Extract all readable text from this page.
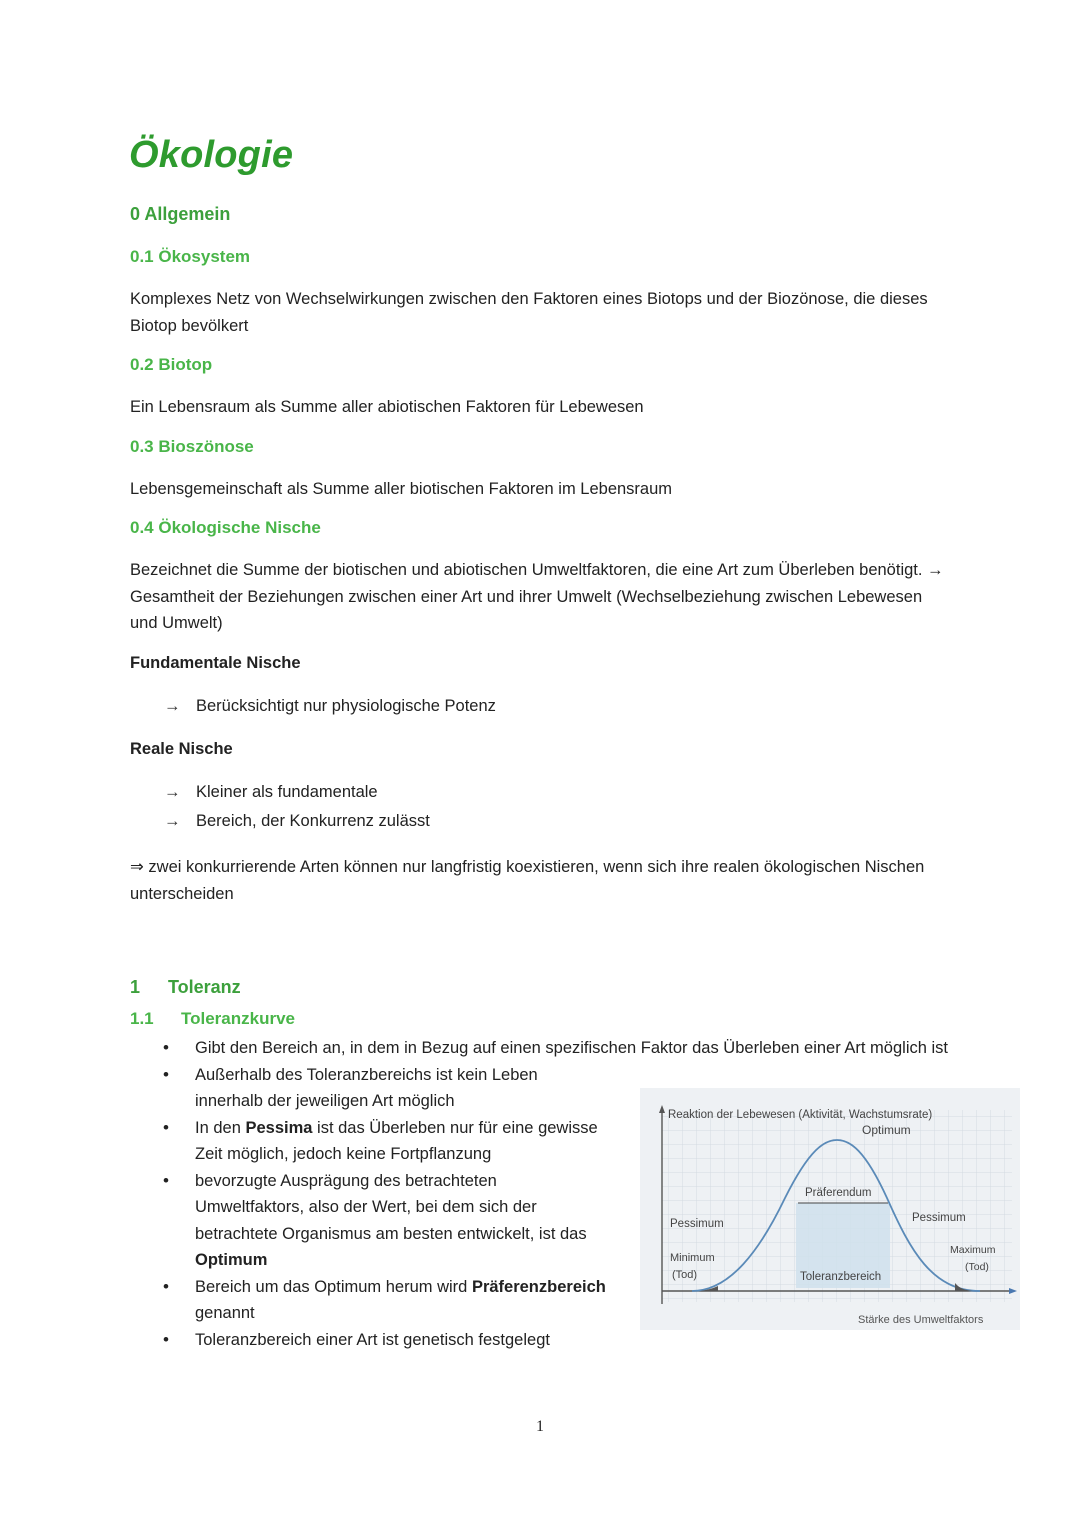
Ökologie
0 Allgemein
0.1 Ökosystem

Komplexes Netz von Wechselwirkungen zwischen den Faktoren eines Biotops und der Biozönose, die dieses Biotop bevölkert

0.2 Biotop

Ein Lebensraum als Summe aller abiotischen Faktoren für Lebewesen

0.3 Bioszönose

Lebensgemeinschaft als Summe aller biotischen Faktoren im Lebensraum

0.4 Ökologische Nische

Bezeichnet die Summe der biotischen und abiotischen Umweltfaktoren, die eine Art zum Überleben benötigt. → Gesamtheit der Beziehungen zwischen einer Art und ihrer Umwelt (Wechselbeziehung zwischen Lebewesen und Umwelt)

Fundamentale Nische

→ Berücksichtigt nur physiologische Potenz

Reale Nische

→ Kleiner als fundamentale

→ Bereich, der Konkurrenz zulässt

⇒ zwei konkurrierende Arten können nur langfristig koexistieren, wenn sich ihre realen ökologischen Nischen unterscheiden

1 Toleranz
1.1 Toleranzkurve
• Gibt den Bereich an, in dem in Bezug auf einen spezifischen Faktor das Überleben einer Art möglich ist
• Außerhalb des Toleranzbereichs ist kein Leben innerhalb der jeweiligen Art möglich
• In den Pessima ist das Überleben nur für eine gewisse Zeit möglich, jedoch keine Fortpflanzung
• bevorzugte Ausprägung des betrachteten Umweltfaktors, also der Wert, bei dem sich der betrachtete Organismus am besten entwickelt, ist das Optimum
• Bereich um das Optimum herum wird Präferenzbereich genannt
• Toleranzbereich einer Art ist genetisch festgelegt
Reaktion der Lebewesen (Aktivität, Wachstumsrate)
Optimum
Präferendum
Pessimum	Pessimum
Minimum
(Tod)
Maximum
(Tod)
Toleranzbereich
Stärke des Umweltfaktors
1
